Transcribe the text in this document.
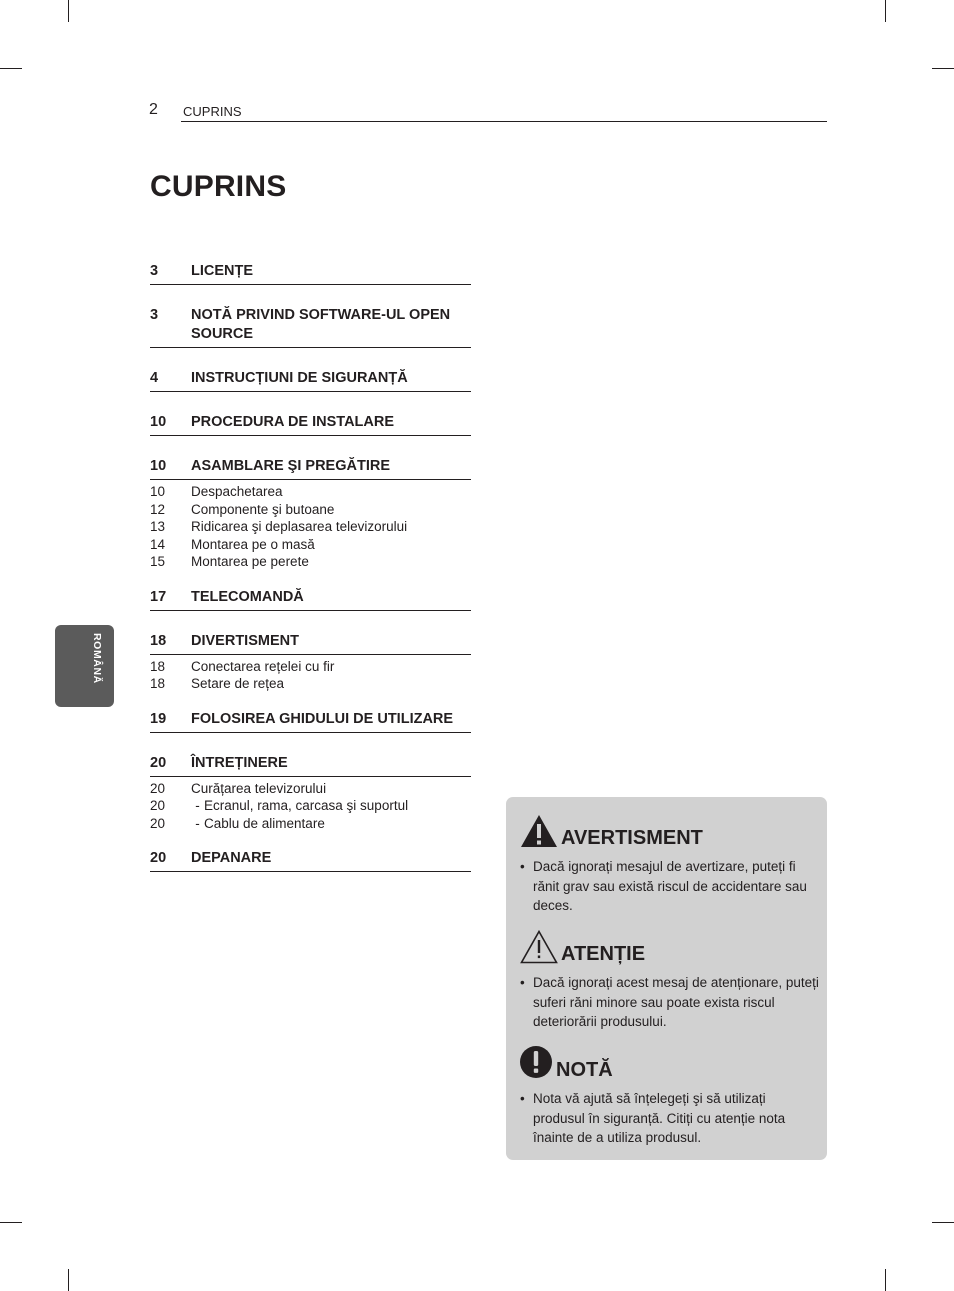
2 CUPRINS
CUPRINS
3	LICENȚE
3	NOTĂ PRIVIND SOFTWARE-UL OPEN SOURCE
4	INSTRUCȚIUNI DE SIGURANȚĂ
10	PROCEDURA DE INSTALARE
10	ASAMBLARE ŞI PREGĂTIRE
10	Despachetarea
12	Componente şi butoane
13	Ridicarea şi deplasarea televizorului
14	Montarea pe o masă
15	Montarea pe perete
17	TELECOMANDĂ
18	DIVERTISMENT
18	Conectarea rețelei cu fir
18	Setare de rețea
19	FOLOSIREA GHIDULUI DE UTILIZARE
20	ÎNTREȚINERE
20	Curățarea televizorului
20	- Ecranul, rama, carcasa şi suportul
20	- Cablu de alimentare
20	DEPANARE
ROMÂNĂ
AVERTISMENT
• Dacă ignorați mesajul de avertizare, puteți fi rănit grav sau există riscul de accidentare sau deces.
ATENȚIE
• Dacă ignorați acest mesaj de atenționare, puteți suferi răni minore sau poate exista riscul deteriorării produsului.
NOTĂ
• Nota vă ajută să înțelegeți şi să utilizați produsul în siguranță. Citiți cu atenție nota înainte de a utiliza produsul.
